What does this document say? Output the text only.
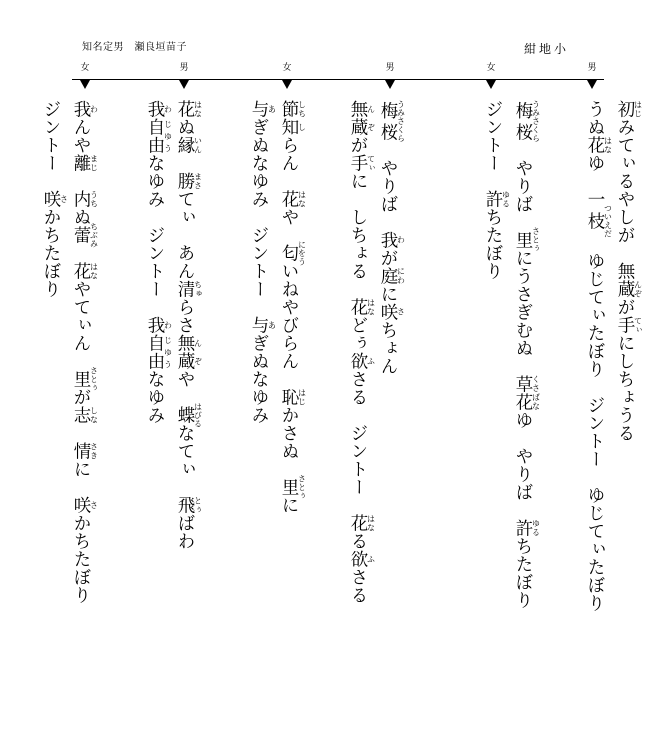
知名定男　瀬良垣苗子	紺地小
男
女
男
女
男
女
初はじみてぃるやしが　無蔵んぞが手てぃにしちょうる
うぬ花はなゆ　一枝ついえだ　ゆじてぃたぼり　ジントー　ゆじてぃたぼり
梅桜うみさくら　やりば　里さとぅにうさぎむぬ　草花くさばなゆ　やりば　許ゆるちたぼり
ジントー　許ゆるちたぼり
梅桜うみさくら　やりば　我わが庭にわに咲さちょん
無蔵んぞが手てぃに　しちょる　花はなどぅ欲ふさる　ジントー　花はなる欲ふさる
節しち知しらん　花はなや　匂にをういねやびらん　恥はじかさぬ　里さとぅに
与あぎぬなゆみ　ジントー　与あぎぬなゆみ
花はなぬ縁いん　勝まさてぃ　あん清ちゅらさ無蔵んぞや　蝶はびるなてぃ　飛とぅばわ
我わ自由じゆうなゆみ　ジントー　我わ自由じゆうなゆみ
我わんや離まじ　内うちぬ蕾ちぶみ　花はなやてぃん　里さとぅが志しな　情さきに　咲さかちたぼり
ジントー　咲さかちたぼり
